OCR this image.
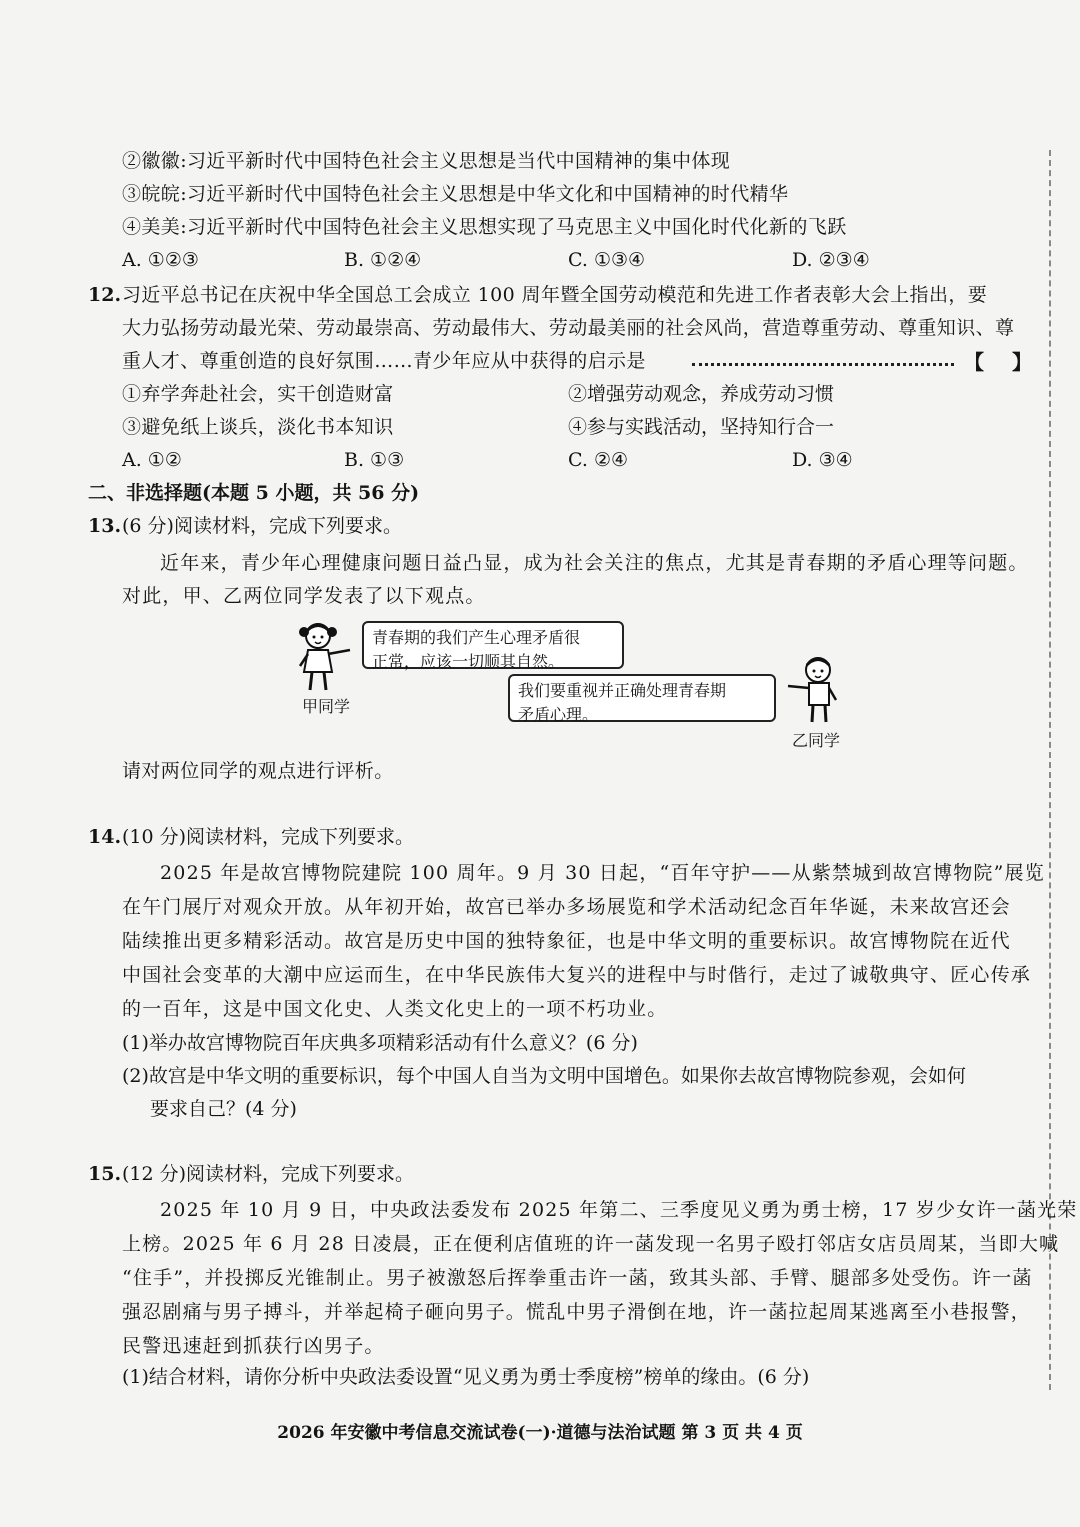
②徽徽:习近平新时代中国特色社会主义思想是当代中国精神的集中体现
③皖皖:习近平新时代中国特色社会主义思想是中华文化和中国精神的时代精华
④美美:习近平新时代中国特色社会主义思想实现了马克思主义中国化时代化新的飞跃
A. ①②③	B. ①②④	C. ①③④	D. ②③④
12. 习近平总书记在庆祝中华全国总工会成立 100 周年暨全国劳动模范和先进工作者表彰大会上指出，要
大力弘扬劳动最光荣、劳动最崇高、劳动最伟大、劳动最美丽的社会风尚，营造尊重劳动、尊重知识、尊
重人才、尊重创造的良好氛围……青少年应从中获得的启示是	【 】
①弃学奔赴社会，实干创造财富	②增强劳动观念，养成劳动习惯
③避免纸上谈兵，淡化书本知识	④参与实践活动，坚持知行合一
A. ①②	B. ①③	C. ②④	D. ③④
二、非选择题(本题 5 小题，共 56 分)
13. (6 分)阅读材料，完成下列要求。
近年来，青少年心理健康问题日益凸显，成为社会关注的焦点，尤其是青春期的矛盾心理等问题。
对此，甲、乙两位同学发表了以下观点。
青春期的我们产生心理矛盾很
正常，应该一切顺其自然。
甲同学
我们要重视并正确处理青春期
矛盾心理。
乙同学
请对两位同学的观点进行评析。
14. (10 分)阅读材料，完成下列要求。
2025 年是故宫博物院建院 100 周年。9 月 30 日起，“百年守护——从紫禁城到故宫博物院”展览
在午门展厅对观众开放。从年初开始，故宫已举办多场展览和学术活动纪念百年华诞，未来故宫还会
陆续推出更多精彩活动。故宫是历史中国的独特象征，也是中华文明的重要标识。故宫博物院在近代
中国社会变革的大潮中应运而生，在中华民族伟大复兴的进程中与时偕行，走过了诚敬典守、匠心传承
的一百年，这是中国文化史、人类文化史上的一项不朽功业。
(1)举办故宫博物院百年庆典多项精彩活动有什么意义？(6 分)
(2)故宫是中华文明的重要标识，每个中国人自当为文明中国增色。如果你去故宫博物院参观，会如何
要求自己？(4 分)
15. (12 分)阅读材料，完成下列要求。
2025 年 10 月 9 日，中央政法委发布 2025 年第二、三季度见义勇为勇士榜，17 岁少女许一菡光荣
上榜。2025 年 6 月 28 日凌晨，正在便利店值班的许一菡发现一名男子殴打邻店女店员周某，当即大喊
“住手”，并投掷反光锥制止。男子被激怒后挥拳重击许一菡，致其头部、手臂、腿部多处受伤。许一菡
强忍剧痛与男子搏斗，并举起椅子砸向男子。慌乱中男子滑倒在地，许一菡拉起周某逃离至小巷报警，
民警迅速赶到抓获行凶男子。
(1)结合材料，请你分析中央政法委设置“见义勇为勇士季度榜”榜单的缘由。(6 分)
2026 年安徽中考信息交流试卷(一)·道德与法治试题 第 3 页 共 4 页
